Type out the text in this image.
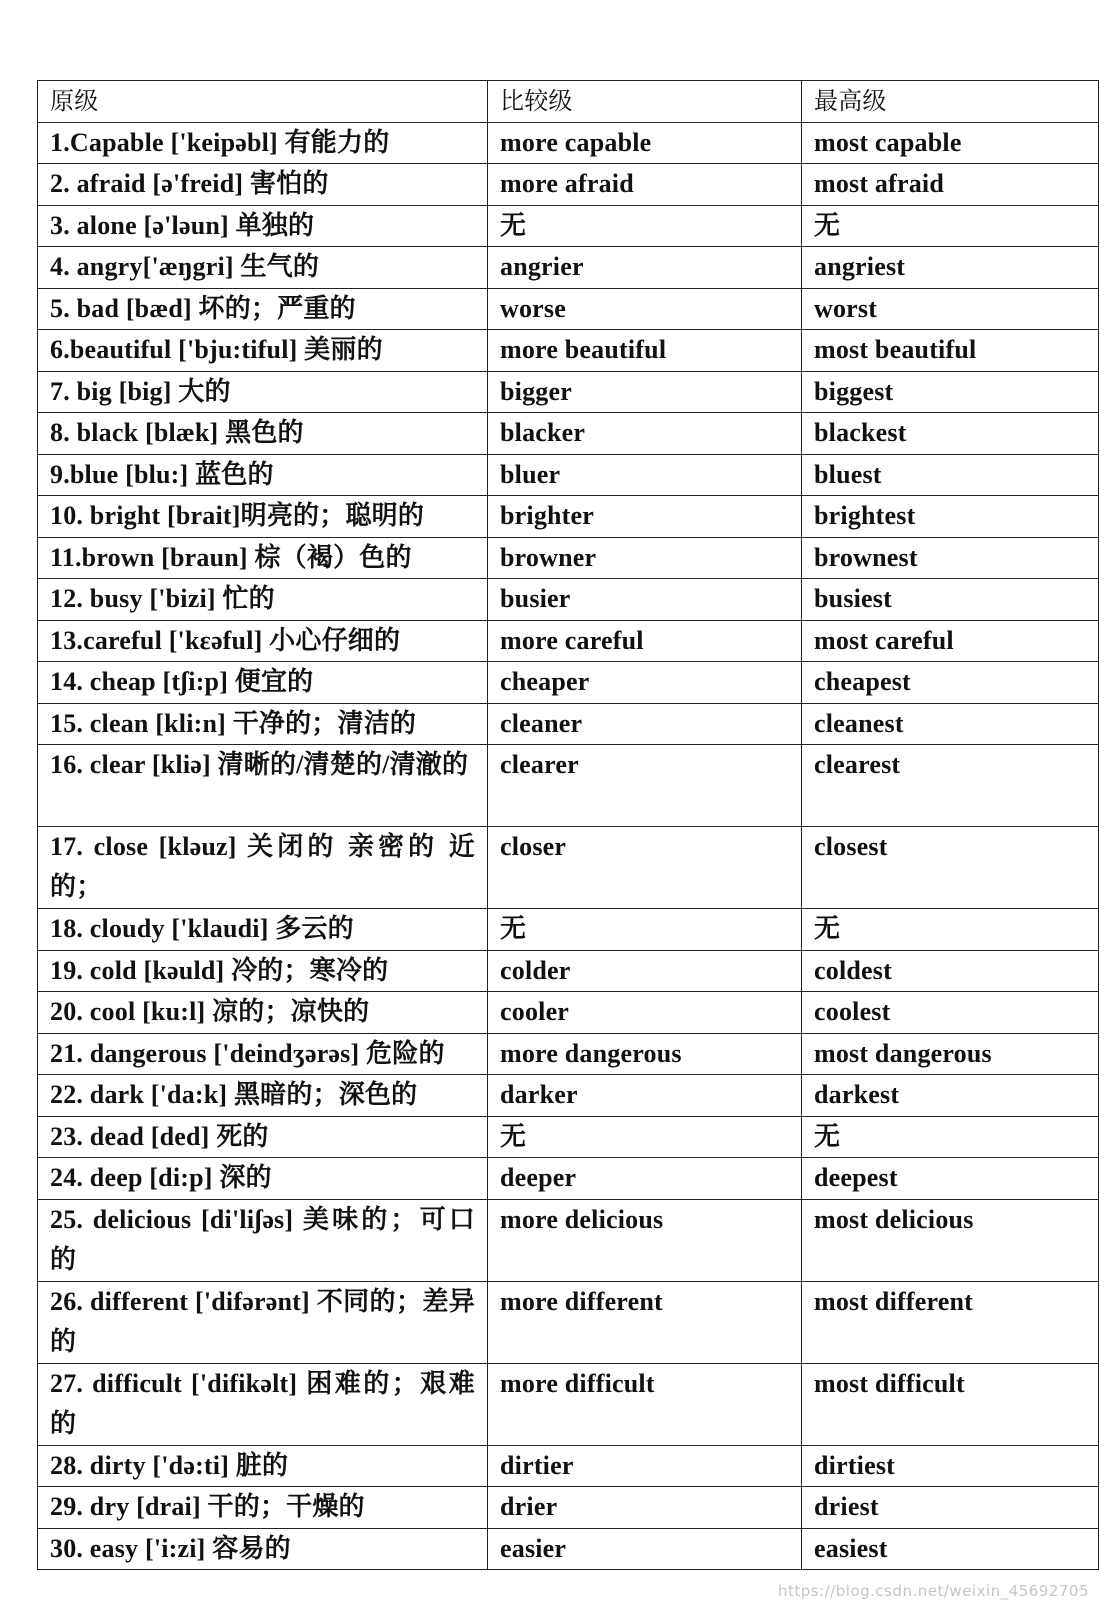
原级	比较级	最高级
1.Capable ['keipəbl] 有能力的	more capable	most capable
2. afraid [ə'freid] 害怕的	more afraid	most afraid
3. alone [ə'ləun] 单独的	无	无
4. angry['æŋgri] 生气的	angrier	angriest
5. bad [bæd] 坏的；严重的	worse	worst
6.beautiful ['bju:tiful] 美丽的	more beautiful	most beautiful
7. big [big] 大的	bigger	biggest
8. black [blæk] 黑色的	blacker	blackest
9.blue [blu:] 蓝色的	bluer	bluest
10. bright [brait]明亮的；聪明的	brighter	brightest
11.brown [braun] 棕（褐）色的	browner	brownest
12. busy ['bizi] 忙的	busier	busiest
13.careful ['kεəful] 小心仔细的	more careful	most careful
14. cheap [tʃi:p] 便宜的	cheaper	cheapest
15. clean [kli:n] 干净的；清洁的	cleaner	cleanest
16. clear [kliə] 清晰的/清楚的/清澈的	clearer	clearest
17. close [kləuz] 关闭的 亲密的 近的；	closer	closest
18. cloudy ['klaudi] 多云的	无	无
19. cold [kəuld] 冷的；寒冷的	colder	coldest
20. cool [ku:l] 凉的；凉快的	cooler	coolest
21. dangerous ['deindʒərəs] 危险的	more dangerous	most dangerous
22. dark ['da:k] 黑暗的；深色的	darker	darkest
23. dead [ded] 死的	无	无
24. deep [di:p] 深的	deeper	deepest
25. delicious [di'liʃəs] 美味的；可口的	more delicious	most delicious
26. different ['difərənt] 不同的；差异的	more different	most different
27. difficult ['difikəlt] 困难的；艰难的	more difficult	most difficult
28. dirty ['də:ti] 脏的	dirtier	dirtiest
29. dry [drai] 干的；干燥的	drier	driest
30. easy ['i:zi] 容易的	easier	easiest
https://blog.csdn.net/weixin_45692705
